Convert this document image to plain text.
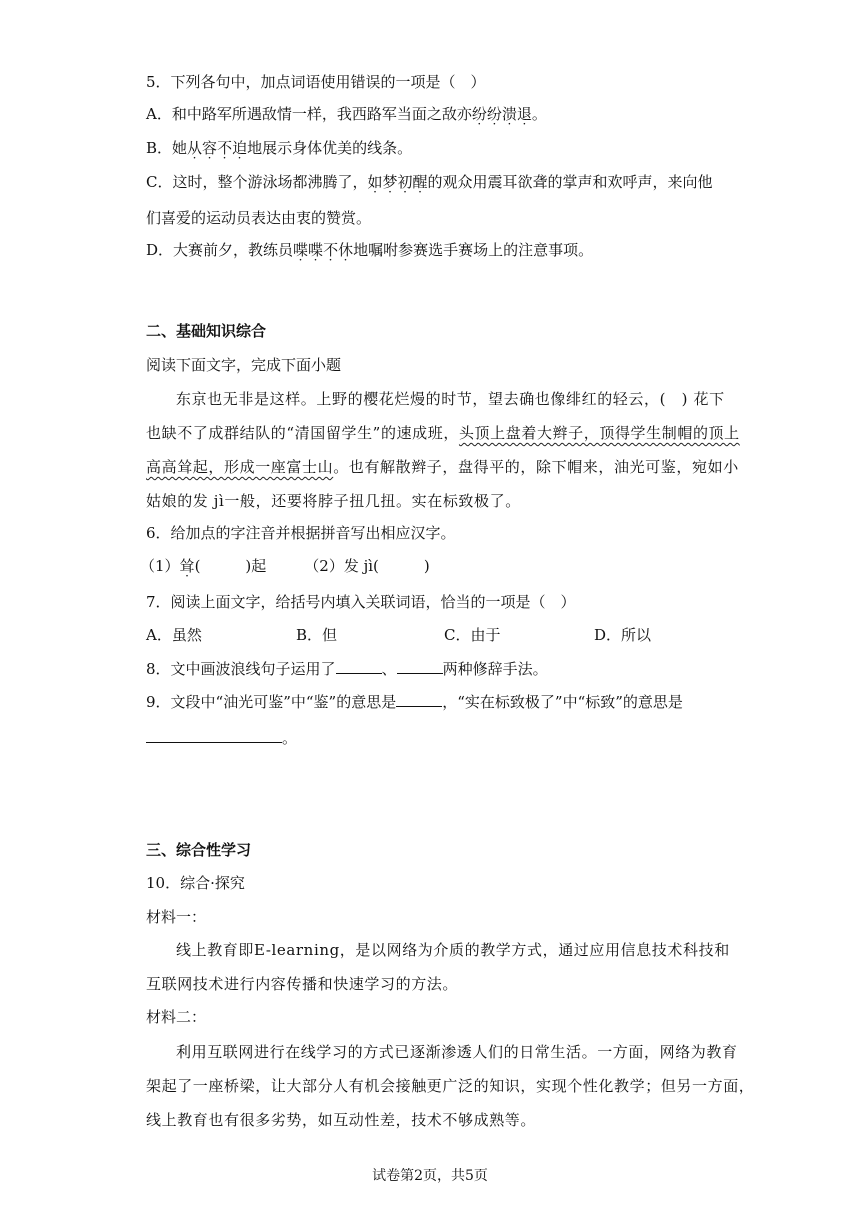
5．下列各句中，加点词语使用错误的一项是（　）
A．和中路军所遇敌情一样，我西路军当面之敌亦纷纷溃退。
B．她从容不迫地展示身体优美的线条。
C．这时，整个游泳场都沸腾了，如梦初醒的观众用震耳欲聋的掌声和欢呼声，来向他
们喜爱的运动员表达由衷的赞赏。
D．大赛前夕，教练员喋喋不休地嘱咐参赛选手赛场上的注意事项。
二、基础知识综合
阅读下面文字，完成下面小题
东京也无非是这样。上野的樱花烂熳的时节，望去确也像绯红的轻云，(　) 花下
也缺不了成群结队的“清国留学生”的速成班，头顶上盘着大辫子，顶得学生制帽的顶上
高高耸起，形成一座富士山。也有解散辫子，盘得平的，除下帽来，油光可鉴，宛如小
姑娘的发 jì一般，还要将脖子扭几扭。实在标致极了。
6．给加点的字注音并根据拼音写出相应汉字。
（1）耸(　　　)起	（2）发 jì(　　　)
7．阅读上面文字，给括号内填入关联词语，恰当的一项是（　）
A．虽然	B．但	C．由于	D．所以
8．文中画波浪线句子运用了	、	两种修辞手法。
9．文段中“油光可鉴”中“鉴”的意思是	，“实在标致极了”中“标致”的意思是
。
三、综合性学习
10．综合·探究
材料一：
线上教育即E-learning，是以网络为介质的教学方式，通过应用信息技术科技和
互联网技术进行内容传播和快速学习的方法。
材料二：
利用互联网进行在线学习的方式已逐渐渗透人们的日常生活。一方面，网络为教育
架起了一座桥梁，让大部分人有机会接触更广泛的知识，实现个性化教学；但另一方面，
线上教育也有很多劣势，如互动性差，技术不够成熟等。
试卷第2页，共5页
